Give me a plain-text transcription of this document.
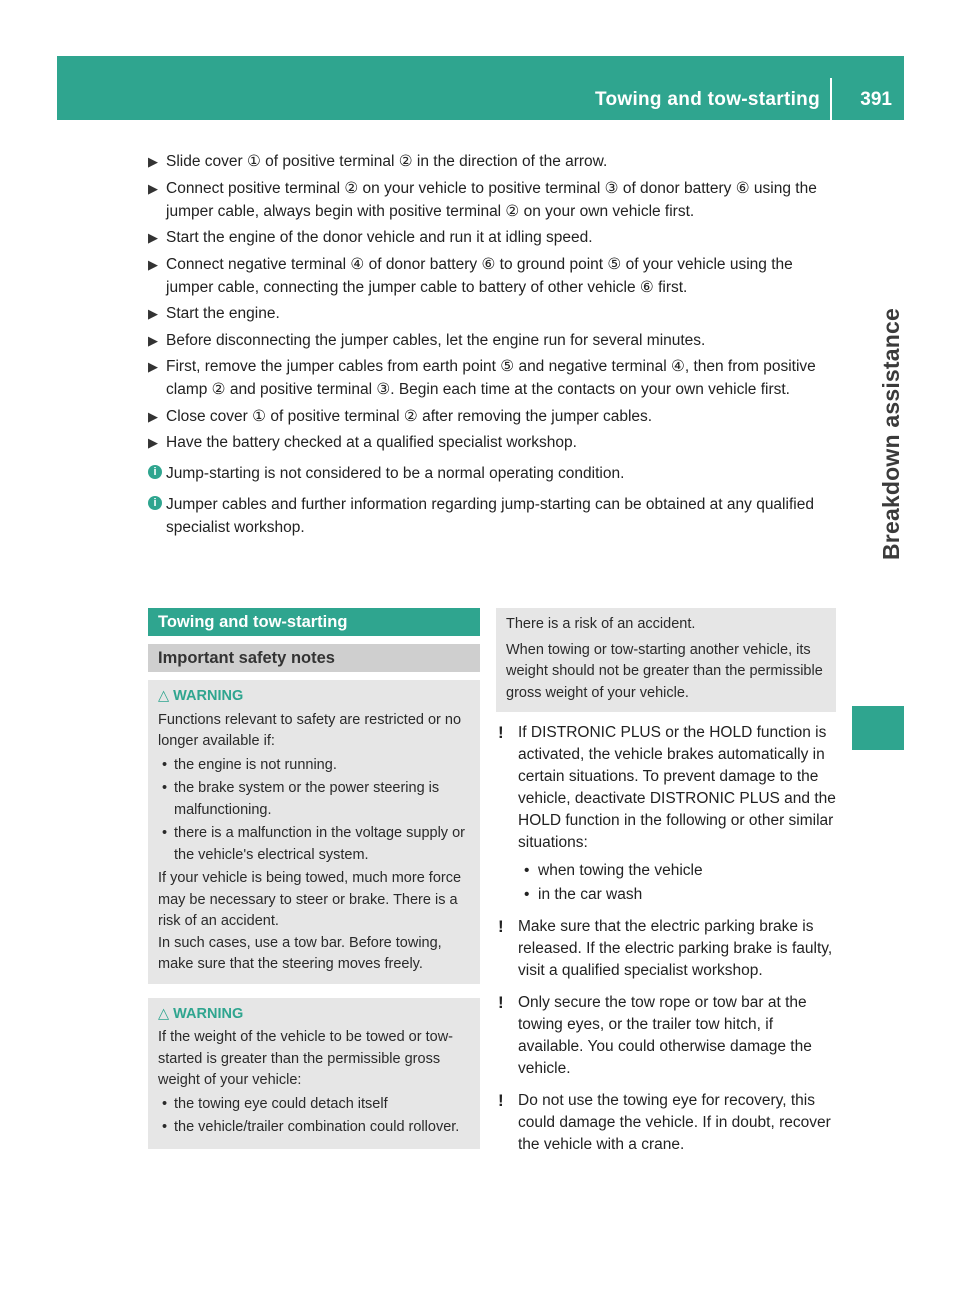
Towing and tow-starting 391
Breakdown assistance
▶ Slide cover ① of positive terminal ② in the direction of the arrow.
▶ Connect positive terminal ② on your vehicle to positive terminal ③ of donor battery ⑥ using the jumper cable, always begin with positive terminal ② on your own vehicle first.
▶ Start the engine of the donor vehicle and run it at idling speed.
▶ Connect negative terminal ④ of donor battery ⑥ to ground point ⑤ of your vehicle using the jumper cable, connecting the jumper cable to battery of other vehicle ⑥ first.
▶ Start the engine.
▶ Before disconnecting the jumper cables, let the engine run for several minutes.
▶ First, remove the jumper cables from earth point ⑤ and negative terminal ④, then from positive clamp ② and positive terminal ③. Begin each time at the contacts on your own vehicle first.
▶ Close cover ① of positive terminal ② after removing the jumper cables.
▶ Have the battery checked at a qualified specialist workshop.
i Jump-starting is not considered to be a normal operating condition.
i Jumper cables and further information regarding jump-starting can be obtained at any qualified specialist workshop.
Towing and tow-starting
Important safety notes
△ WARNING

Functions relevant to safety are restricted or no longer available if:

• the engine is not running.
• the brake system or the power steering is malfunctioning.
• there is a malfunction in the voltage supply or the vehicle's electrical system.

If your vehicle is being towed, much more force may be necessary to steer or brake. There is a risk of an accident.

In such cases, use a tow bar. Before towing, make sure that the steering moves freely.

△ WARNING

If the weight of the vehicle to be towed or tow-started is greater than the permissible gross weight of your vehicle:

• the towing eye could detach itself
• the vehicle/trailer combination could rollover.

There is a risk of an accident.

When towing or tow-starting another vehicle, its weight should not be greater than the permissible gross weight of your vehicle.

! If DISTRONIC PLUS or the HOLD function is activated, the vehicle brakes automatically in certain situations. To prevent damage to the vehicle, deactivate DISTRONIC PLUS and the HOLD function in the following or other similar situations:
• when towing the vehicle
• in the car wash
! Make sure that the electric parking brake is released. If the electric parking brake is faulty, visit a qualified specialist workshop.
! Only secure the tow rope or tow bar at the towing eyes, or the trailer tow hitch, if available. You could otherwise damage the vehicle.
! Do not use the towing eye for recovery, this could damage the vehicle. If in doubt, recover the vehicle with a crane.
